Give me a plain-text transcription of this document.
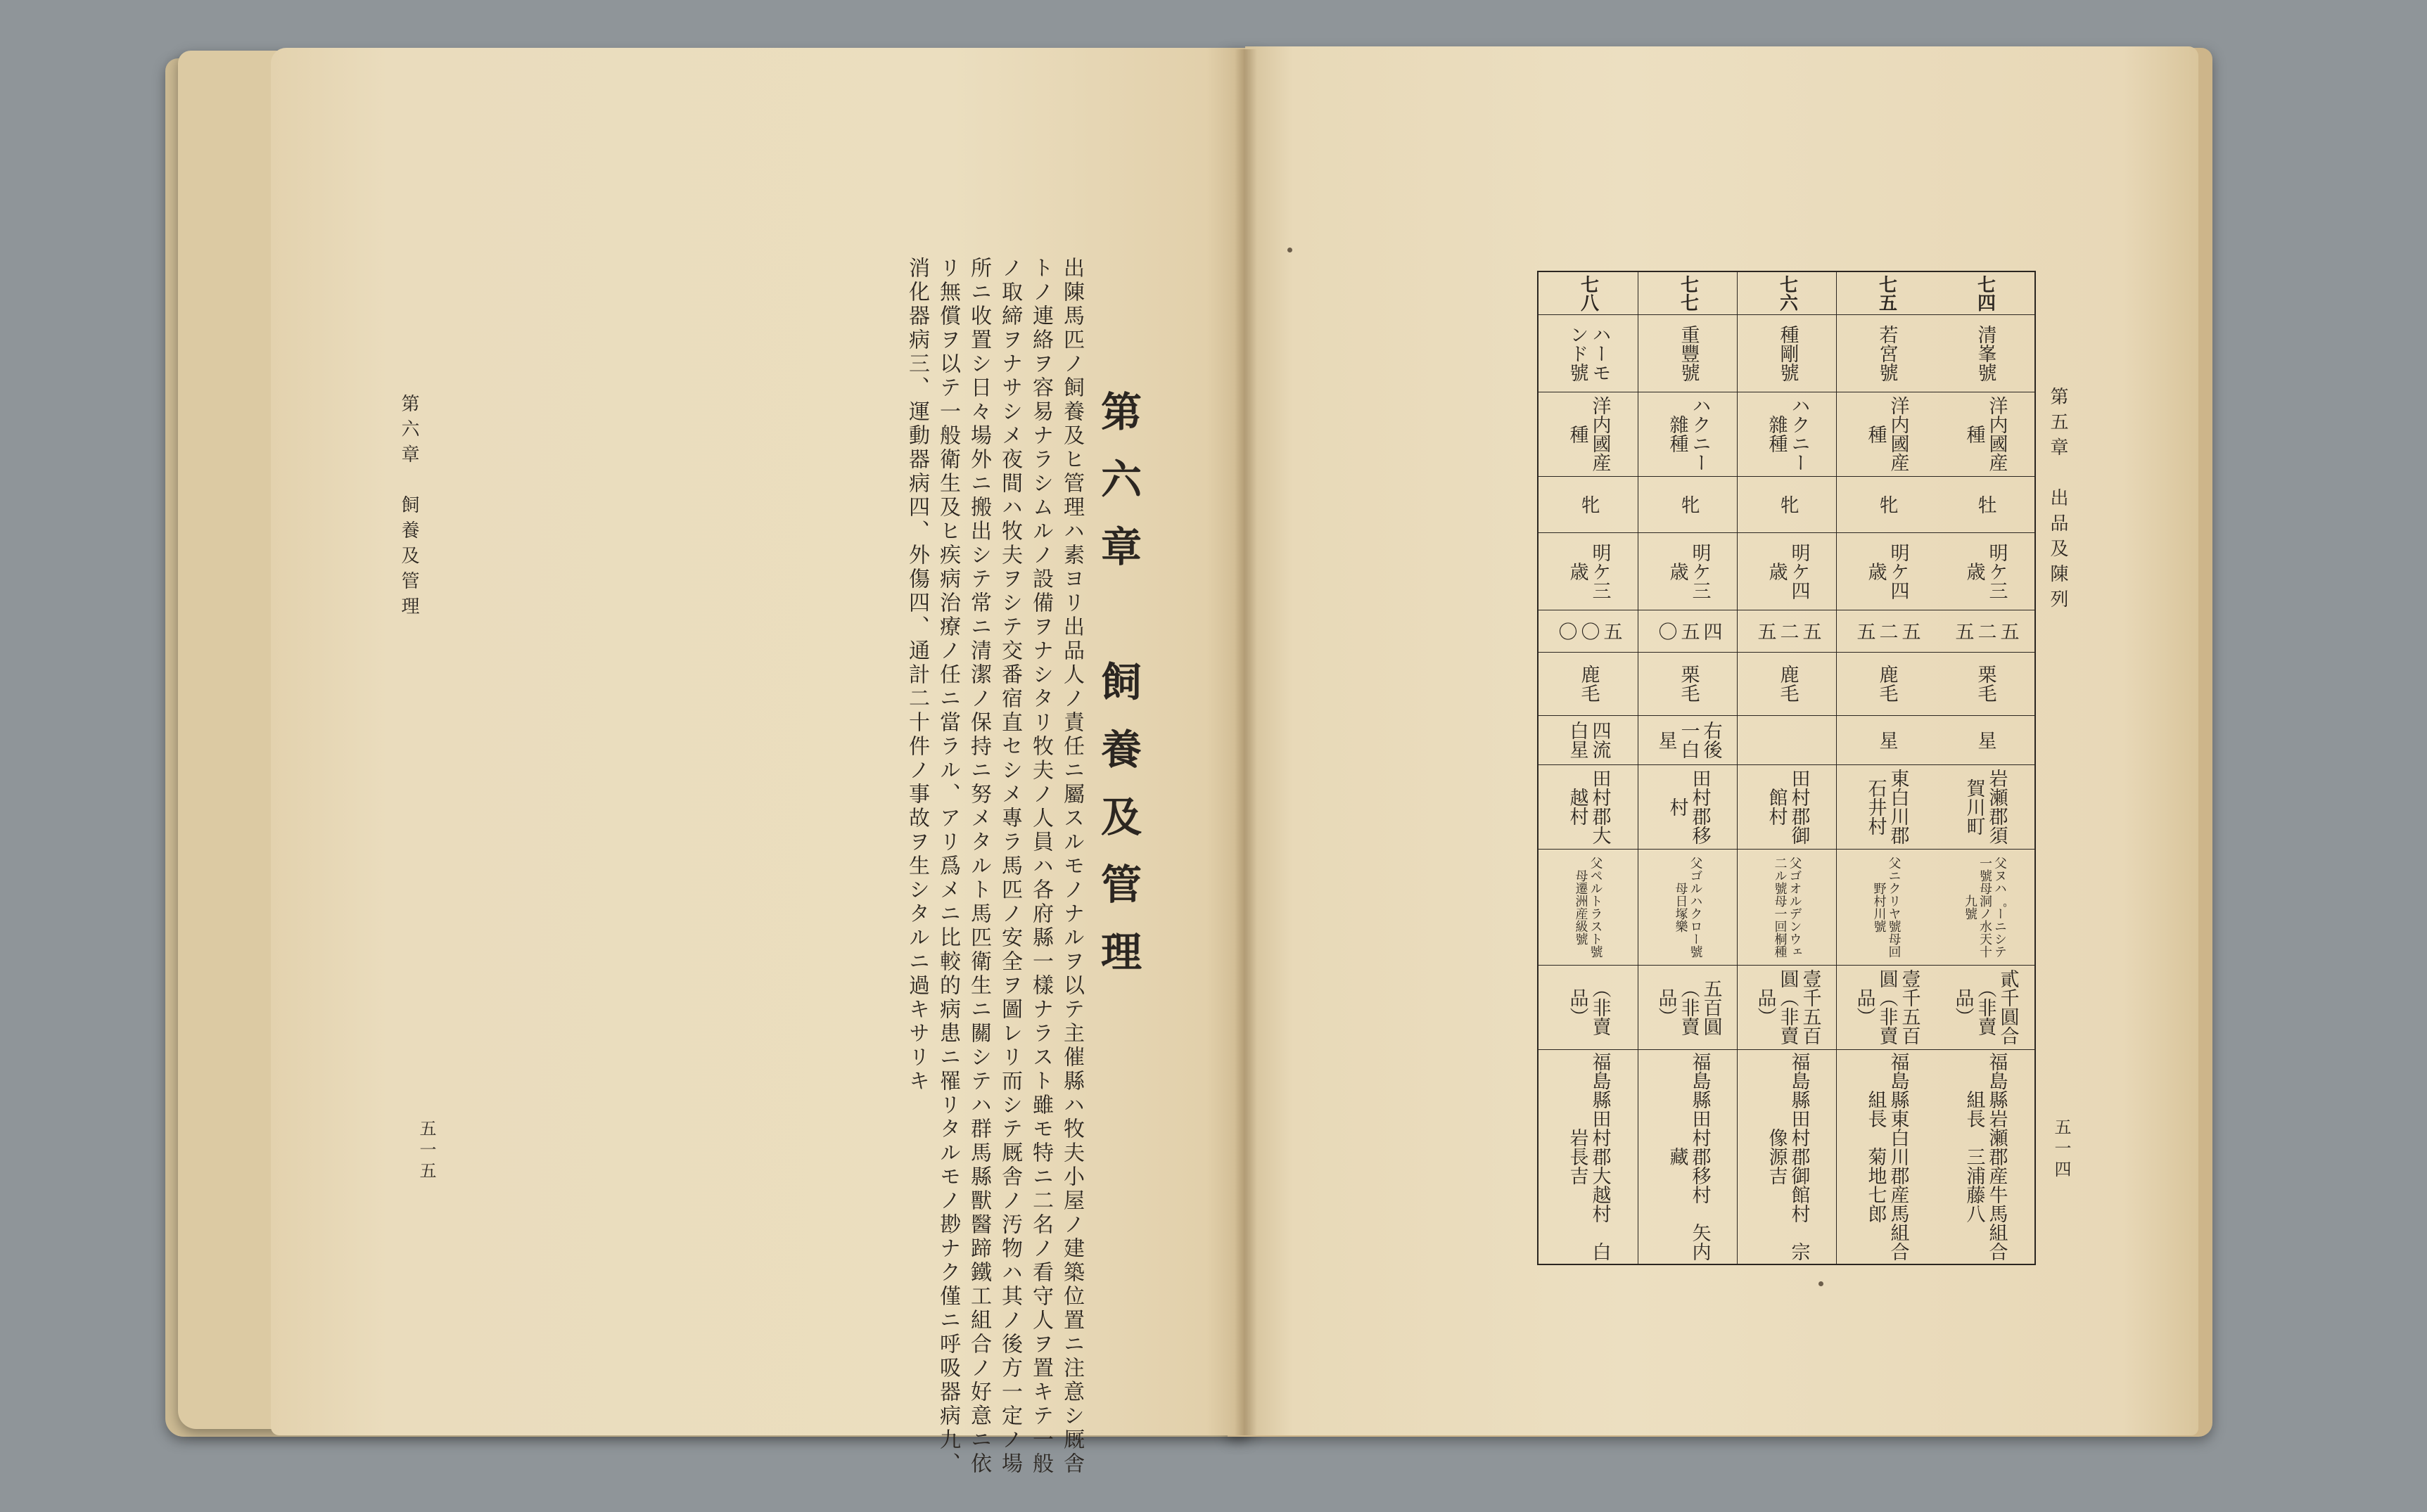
第六章　飼養及管理
五一五
第六章　飼養及管理
出陳馬匹ノ飼養及ヒ管理ハ素ヨリ出品人ノ責任ニ屬スルモノナルヲ以テ主催縣ハ牧夫小屋ノ建築位置ニ注意シ厩舎
トノ連絡ヲ容易ナラシムルノ設備ヲナシタリ牧夫ノ人員ハ各府縣一樣ナラスト雖モ特ニ二名ノ看守人ヲ置キテ一般
ノ取締ヲナサシメ夜間ハ牧夫ヲシテ交番宿直セシメ專ラ馬匹ノ安全ヲ圖レリ而シテ厩舎ノ汚物ハ其ノ後方一定ノ場
所ニ收置シ日々場外ニ搬出シテ常ニ清潔ノ保持ニ努メタルト馬匹衛生ニ關シテハ群馬縣獸醫蹄鐵工組合ノ好意ニ依
リ無償ヲ以テ一般衛生及ヒ疾病治療ノ任ニ當ラル、アリ爲メニ比較的病患ニ罹リタルモノ尠ナク僅ニ呼吸器病九、
消化器病三、運動器病四、外傷四、通計二十件ノ事故ヲ生シタルニ過キサリキ	第五章　出品及陳列
五一四
七四
清峯號
洋内國産種
牡
明ケ三歳
五二五
栗毛
星
岩瀬郡須賀川町
父ヌハ゜ーニシテ一號母洞ノ水天十九號
貳千圓合（非賣品）
福島縣岩瀬郡産牛馬組合組長　三浦藤八
七五
若宮號
洋内國産種
牝
明ケ四歳
五二五
鹿毛
星
東白川郡石井村
父ニクリヤ號母回野村川號
壹千五百圓（非賣品）
福島縣東白川郡産馬組合組長　菊地七郎
七六
種剛號
ハクニー雜種
牝
明ケ四歳
五二五
鹿毛
田村郡御館村
父ゴオルデンウェ二ル號母一回桐種
壹千五百圓（非賣品）
福島縣田村郡御館村　宗像源吉
七七
重豐號
ハクニー雜種
牝
明ケ三歳
四五〇
栗毛
右後一白星
田村郡移村
父ゴルハクロー號母日塚樂
五百圓（非賣品）
福島縣田村郡移村　矢内藏
七八
ハーモンド號
洋内國産種
牝
明ケ三歳
五〇〇
鹿毛
四流白星
田村郡大越村
父ペルトラスト號母遷洲産級號
（非賣品）
福島縣田村郡大越村　白岩長吉
